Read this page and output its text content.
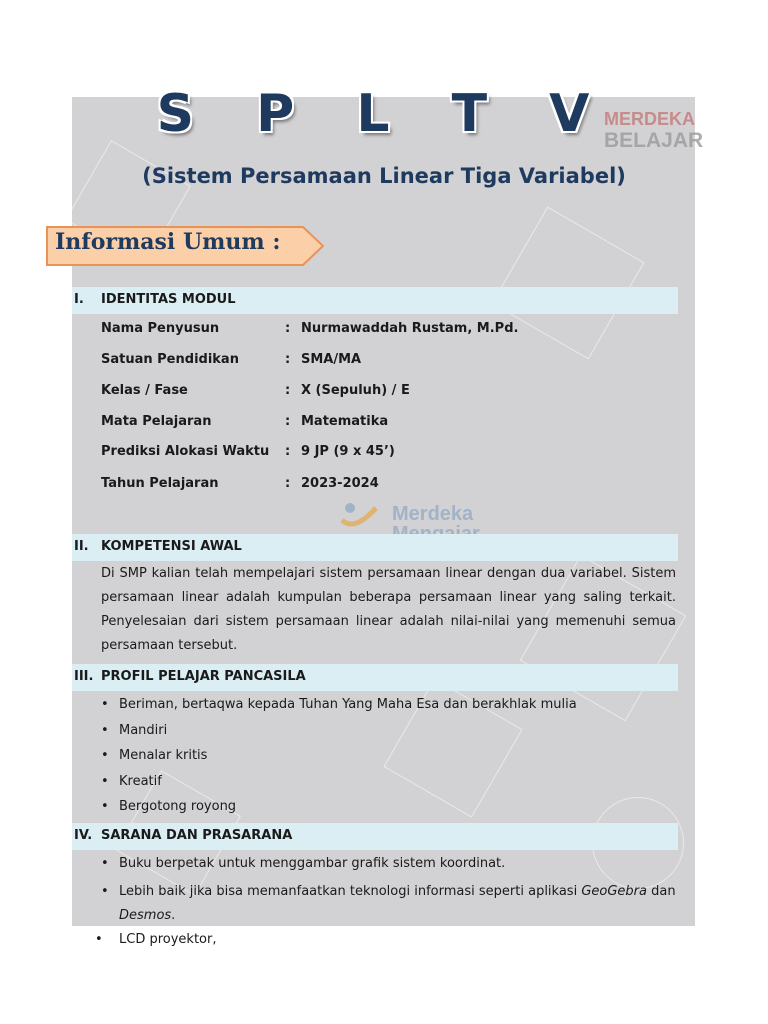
MERDEKA
BELAJAR
Merdeka
S P L T V
(Sistem Persamaan Linear Tiga Variabel)
Informasi Umum :
I. IDENTITAS MODUL
Nama Penyusun	: Nurmawaddah Rustam, M.Pd.
Satuan Pendidikan	: SMA/MA
Kelas / Fase	: X (Sepuluh) / E
Mata Pelajaran	: Matematika
Prediksi Alokasi Waktu : 9 JP (9 x 45’)
Tahun Pelajaran	: 2023-2024
II. KOMPETENSI AWAL
Di SMP kalian telah mempelajari sistem persamaan linear dengan dua variabel. Sistem persamaan linear adalah kumpulan beberapa persamaan linear yang saling terkait. Penyelesaian dari sistem persamaan linear adalah nilai-nilai yang memenuhi semua persamaan tersebut.
III. PROFIL PELAJAR PANCASILA
• Beriman, bertaqwa kepada Tuhan Yang Maha Esa dan berakhlak mulia
• Mandiri
• Menalar kritis
• Kreatif
• Bergotong royong
IV. SARANA DAN PRASARANA
• Buku berpetak untuk menggambar grafik sistem koordinat.
• Lebih baik jika bisa memanfaatkan teknologi informasi seperti aplikasi GeoGebra dan Desmos.
• LCD proyektor,
